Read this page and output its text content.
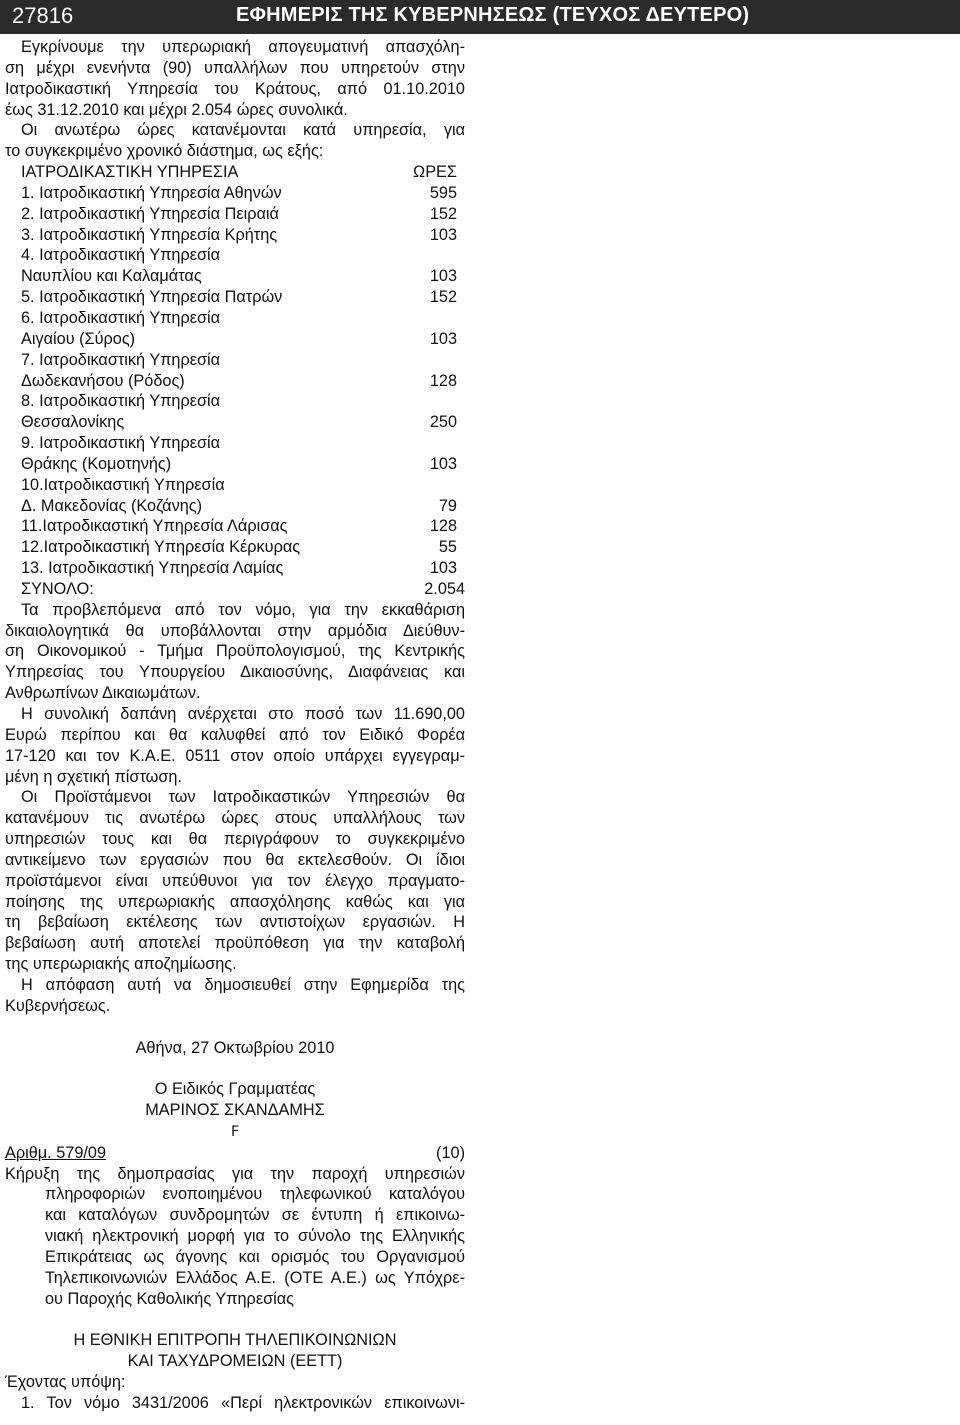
27816	ΕΦΗΜΕΡΙΣ ΤΗΣ ΚΥΒΕΡΝΗΣΕΩΣ (ΤΕΥΧΟΣ ΔΕΥΤΕΡΟ)
Εγκρίνουμε την υπερωριακή απογευματινή απασχόλη-
ση μέχρι ενενήντα (90) υπαλλήλων που υπηρετούν στην
Ιατροδικαστική Υπηρεσία του Κράτους, από 01.10.2010
έως 31.12.2010 και μέχρι 2.054 ώρες συνολικά.
Οι ανωτέρω ώρες κατανέμονται κατά υπηρεσία, για
το συγκεκριμένο χρονικό διάστημα, ως εξής:
ΙΑΤΡΟΔΙΚΑΣΤΙΚΗ ΥΠΗΡΕΣΙΑ	ΩΡΕΣ
1. Ιατροδικαστική Υπηρεσία Αθηνών	595
2. Ιατροδικαστική Υπηρεσία Πειραιά	152
3. Ιατροδικαστική Υπηρεσία Κρήτης	103
4. Ιατροδικαστική Υπηρεσία
Ναυπλίου και Καλαμάτας	103
5. Ιατροδικαστική Υπηρεσία Πατρών	152
6. Ιατροδικαστική Υπηρεσία
Αιγαίου (Σύρος)	103
7. Ιατροδικαστική Υπηρεσία
Δωδεκανήσου (Ρόδος)	128
8. Ιατροδικαστική Υπηρεσία
Θεσσαλονίκης	250
9. Ιατροδικαστική Υπηρεσία
Θράκης (Κομοτηνής)	103
10.Ιατροδικαστική Υπηρεσία
Δ. Μακεδονίας (Κοζάνης)	79
11.Ιατροδικαστική Υπηρεσία Λάρισας	128
12.Ιατροδικαστική Υπηρεσία Κέρκυρας	55
13. Ιατροδικαστική Υπηρεσία Λαμίας	103
ΣΥΝΟΛΟ:	2.054
Τα προβλεπόμενα από τον νόμο, για την εκκαθάριση
δικαιολογητικά θα υποβάλλονται στην αρμόδια Διεύθυν-
ση Οικονομικού - Τμήμα Προϋπολογισμού, της Κεντρικής
Υπηρεσίας του Υπουργείου Δικαιοσύνης, Διαφάνειας και
Ανθρωπίνων Δικαιωμάτων.
Η συνολική δαπάνη ανέρχεται στο ποσό των 11.690,00
Ευρώ περίπου και θα καλυφθεί από τον Ειδικό Φορέα
17-120 και τον Κ.Α.Ε. 0511 στον οποίο υπάρχει εγγεγραμ-
μένη η σχετική πίστωση.
Οι Προϊστάμενοι των Ιατροδικαστικών Υπηρεσιών θα
κατανέμουν τις ανωτέρω ώρες στους υπαλλήλους των
υπηρεσιών τους και θα περιγράφουν το συγκεκριμένο
αντικείμενο των εργασιών που θα εκτελεσθούν. Οι ίδιοι
προϊστάμενοι είναι υπεύθυνοι για τον έλεγχο πραγματο-
ποίησης της υπερωριακής απασχόλησης καθώς και για
τη βεβαίωση εκτέλεσης των αντιστοίχων εργασιών. Η
βεβαίωση αυτή αποτελεί προϋπόθεση για την καταβολή
της υπερωριακής αποζημίωσης.
Η απόφαση αυτή να δημοσιευθεί στην Εφημερίδα της
Κυβερνήσεως.
Αθήνα, 27 Οκτωβρίου 2010
Ο Ειδικός Γραμματέας
ΜΑΡΙΝΟΣ ΣΚΑΝΔΑΜΗΣ
F
Αριθμ. 579/09	(10)
Κήρυξη της δημοπρασίας για την παροχή υπηρεσιών
πληροφοριών ενοποιημένου τηλεφωνικού καταλόγου
και καταλόγων συνδρομητών σε έντυπη ή επικοινω-
νιακή ηλεκτρονική μορφή για το σύνολο της Ελληνικής
Επικράτειας ως άγονης και ορισμός του Οργανισμού
Τηλεπικοινωνιών Ελλάδος Α.Ε. (ΟΤΕ Α.Ε.) ως Υπόχρε-
ου Παροχής Καθολικής Υπηρεσίας
Η ΕΘΝΙΚΗ ΕΠΙΤΡΟΠΗ ΤΗΛΕΠΙΚΟΙΝΩΝΙΩΝ
ΚΑΙ ΤΑΧΥΔΡΟΜΕΙΩΝ (ΕΕΤΤ)
Έχοντας υπόψη:
1. Τον νόμο 3431/2006 «Περί ηλεκτρονικών επικοινωνι-
